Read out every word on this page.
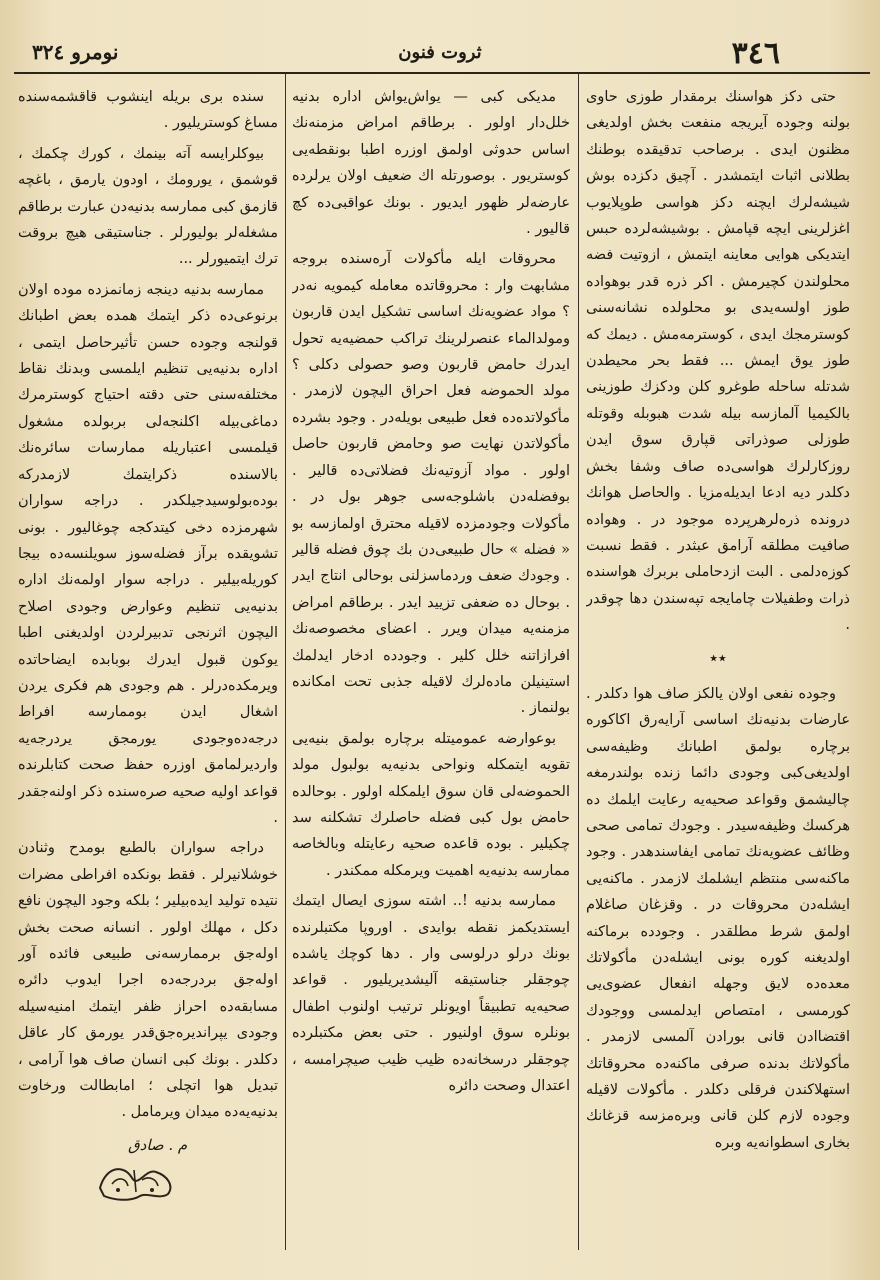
٣٤٦
ثروت فنون
نومرو ٣٢٤

حتی دکز هواسنك برمقدار طوزی حاوی بولنه وجوده آیریجه منفعت بخش اولدیغی مظنون ایدی . برصاحب تدقیقده بوطنك بطلانی اثبات ایتمشدر . آچیق دکزده بوش شیشه‌لرك ایچنه دکز هواسی طوپلایوب اغزلرینی ایچه قپامش . بوشیشه‌لرده حبس ایتدیکی هوایی معاینه ایتمش ، ازوتیت فضه محلولندن کچیرمش . اکر ذره قدر بوهواده طوز اولسه‌یدی بو محلولده نشانه‌سنی کوسترمجك ایدی ، کوسترمه‌مش . دیمك که طوز یوق ایمش ... فقط بحر محیطدن شدتله ساحله طوغرو کلن ودکزك طوزینی بالکیمیا آلمازسه بیله شدت هبوبله وقوتله طوزلی صوذراتی قپارق سوق ایدن روزکارلرك هواسی‌ده صاف وشفا بخش دکلدر دیه ادعا ایدیله‌مزیا . والحاصل هوانك درونده ذره‌لرهرپرده موجود در . وهواده صافیت مطلقه آرامق عبثدر . فقط نسبت کوزه‌دلمی . البت ازدحاملی بربرك هواسنده ذرات وطفیلات چامایجه تپه‌سندن دها چوقدر .

٭٭

وجوده نفعی اولان یالکز صاف هوا دکلدر . عارضات بدنیه‌نك اساسی آرایه‌رق اکا‌کوره برچاره بولمق اطبانك وظیفه‌سی اولدیغی‌کبی وجودی دائما زنده بولندرمغه چالیشمق وقواعد صحیه‌یه رعایت ایلمك ده هرکسك وظیفه‌سیدر . وجودك تمامی صحی وظائف عضو‌یه‌نك تمامی ایفاسندهدر . وجود ماکنه‌سی منتظم ایشلمك لازمدر . ماکنه‌یی ایشله‌دن محروقات در . وقزغان صاغلام اولمق شرط مطلقدر . وجودده برماکنه اولدیغنه کوره بونی ایشله‌دن مأکولاتك معده‌ده لایق وجهله انفعال عضوی‌یی کورمسی ، امتصاص ایدلمسی ووجودك اقتضاادن قانی بورادن آلمسی لازمدر . مأکولاتك بدنده صرفی ماکنه‌ده محروقاتك استهلاکندن فرقلی دکلدر . مأکولات لاقیله وجوده لازم کلن قانی وبره‌مزسه قزغانك بخاری اسطوانه‌یه وبره

مدیکی کبی — یواش‌یواش اداره بدنیه خلل‌دار اولور . برطاقم امراض مزمنه‌نك اساس حدوثی اولمق اوزره اطبا بونقطه‌یی کوستریور . بوصورتله اك ضعیف اولان یرلرده عارضه‌لر ظهور ایدیور . بونك عواقبی‌ده کچ قالیور .

محروقات ایله مأکولات آره‌سنده بروجه مشابهت وار : محروقاتده معامله کیمویه نه‌در ؟ مواد عضویه‌نك اساسی تشکیل ایدن قاربون ومولدالماء عنصرلرینك تراکب حمضیه‌یه تحول ایدرك حامض قاربون وصو حصولی دکلی ؟ مولد الحموضه فعل احراق الیچون لازمدر . مأکولاتده‌ده فعل طبیعی بویله‌در . وجود بشرده مأکولاتدن نهایت صو وحامض قاربون حاصل اولور . مواد آزوتیه‌نك فضلاتی‌ده قالیر . بوفضله‌دن باشلوجه‌سی جوهر بول در . مأکولات وجودمزده لاقیله محترق اولمازسه بو « فضله » حال طبیعی‌دن بك چوق فضله قالیر . وجودك ضعف وردماسزلنی بوحالی انتاج ایدر . بوحال ده ضعفی تزیید ایدر . برطاقم امراض مزمنه‌یه میدان ویرر . اعضای مخصوصه‌نك افرازاتنه خلل کلیر . وجودده ادخار ایدلمك استینیلن ماده‌لرك لاقیله جذبی تحت امکانده بولنماز .

بوعوارضه عمومیتله برچاره بولمق بنیه‌یی تقویه ایتمکله ونواحی بدنیه‌یه بولبول مولد الحموضه‌لی قان سوق ایلمکله اولور . بوحالده حامض بول کبی فضله حاصلرك تشکلنه سد چکیلیر . بوده قاعده صحیه رعایتله وبالخاصه ممارسه بدنیه‌یه اهمیت ویرمکله ممکندر .

ممارسه بدنیه !.. اشته سوزی ایصال ایتمك ایستدیکمز نقطه بوایدی . اوروپا مکتبلرنده بونك درلو درلوسی وار . دها کوچك یاشده چوجقلر جناستیقه آلیشدیریلیور . قواعد صحیه‌یه تطبیقاً اویونلر ترتیب اولنوب اطفال بونلره سوق اولنیور . حتی بعض مکتبلرده چوجقلر درسخانه‌ده ظیب ظیب صیچرامسه ، اعتدال وصحت دائره‌

سنده بری بریله اینشوب قاقشمه‌سنده مساغ کوستریلیور .

بیوکلرایسه آته بینمك ، کورك چکمك ، قوشمق ، یورومك ، اودون یارمق ، باغچه قازمق کبی ممارسه بدنیه‌دن عبارت برطاقم مشغله‌لر بولیورلر . جناستیقی هیچ بروقت ترك ایتمیورلر ...

ممارسه بدنیه دینجه زمانمزده موده اولان برنوعی‌ده ذکر ایتمك همده بعض اطبانك قولنجه وجوده حسن تأثیرحاصل ایتمی ، اداره بدنیه‌یی تنظیم ایلمسی وبدنك نقاط مختلفه‌سنی حتی دقته احتیاج کوسترمرك دماغی‌بیله اکلنجه‌لی بربولده مشغول قیلمسی اعتباریله ممارسات سائره‌نك بالاسنده ذکرایتمك لازمدرکه بوده‌بولوسیدجیلکدر . دراجه سواران شهرمزده دخی کیتدکجه چوغالیور . بونی تشویقده برآز فضله‌سوز سویلنسه‌ده بیجا کوریله‌بیلیر . دراجه سوار اولمه‌نك اداره بدنیه‌یی تنظیم وعوارض وجودی اصلاح الیچون اثرنجی تدبیرلردن اولدیغنی اطبا یوکون قبول ایدرك بوبابده ایضاحاتده ویرمکده‌درلر . هم وجودی هم فکری یردن اشغال ایدن بوممارسه افراط درجه‌ده‌وجودی یورمجق یردرجه‌یه واردیرلمامق اوزره حفظ صحت کتابلرنده قواعد اولیه صحیه صره‌سنده ذکر اولنه‌جقدر .

دراجه سواران بالطبع بومدح وثنادن خوشلانیرلر . فقط بونکده افراطی مضرات نتیده تولید ایده‌بیلیر ؛ بلکه وجود الیچون نافع دکل ، مهلك اولور . انسانه صحت بخش اوله‌جق برممارسه‌نی طبیعی فائده آور اوله‌جق بردرجه‌ده اجرا ایدوب دائره مسابقه‌ده احراز ظفر ایتمك امنیه‌سیله وجودی یپراندیره‌جق‌قدر یورمق کار عاقل دکلدر . بونك کبی انسان صاف هوا آرامی ، تبدیل هوا اتچلی ؛ امابطالت ورخاوت بدنیه‌یه‌ده میدان ویرمامل .

م . صادق
